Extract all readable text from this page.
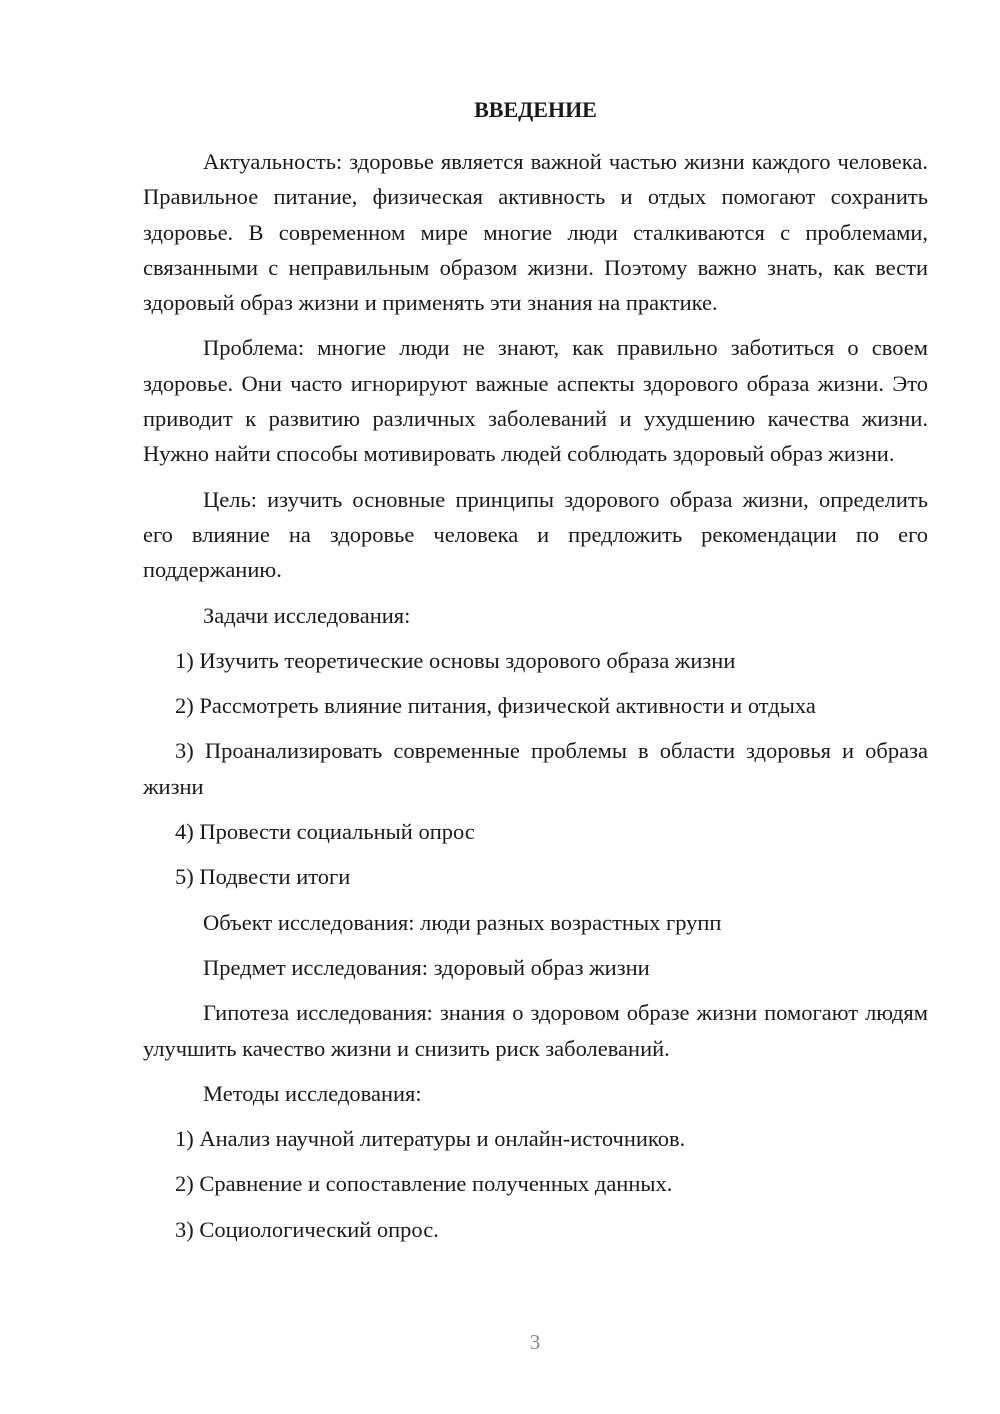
ВВЕДЕНИЕ

Актуальность: здоровье является важной частью жизни каждого человека. Правильное питание, физическая активность и отдых помогают сохранить здоровье. В современном мире многие люди сталкиваются с проблемами, связанными с неправильным образом жизни. Поэтому важно знать, как вести здоровый образ жизни и применять эти знания на практике.

Проблема: многие люди не знают, как правильно заботиться о своем здоровье. Они часто игнорируют важные аспекты здорового образа жизни. Это приводит к развитию различных заболеваний и ухудшению качества жизни. Нужно найти способы мотивировать людей соблюдать здоровый образ жизни.

Цель: изучить основные принципы здорового образа жизни, определить его влияние на здоровье человека и предложить рекомендации по его поддержанию.

Задачи исследования:

1) Изучить теоретические основы здорового образа жизни

2) Рассмотреть влияние питания, физической активности и отдыха

3) Проанализировать современные проблемы в области здоровья и образа жизни

4) Провести социальный опрос

5) Подвести итоги

Объект исследования: люди разных возрастных групп

Предмет исследования: здоровый образ жизни

Гипотеза исследования: знания о здоровом образе жизни помогают людям улучшить качество жизни и снизить риск заболеваний.

Методы исследования:

1) Анализ научной литературы и онлайн-источников.

2) Сравнение и сопоставление полученных данных.

3) Социологический опрос.

3
